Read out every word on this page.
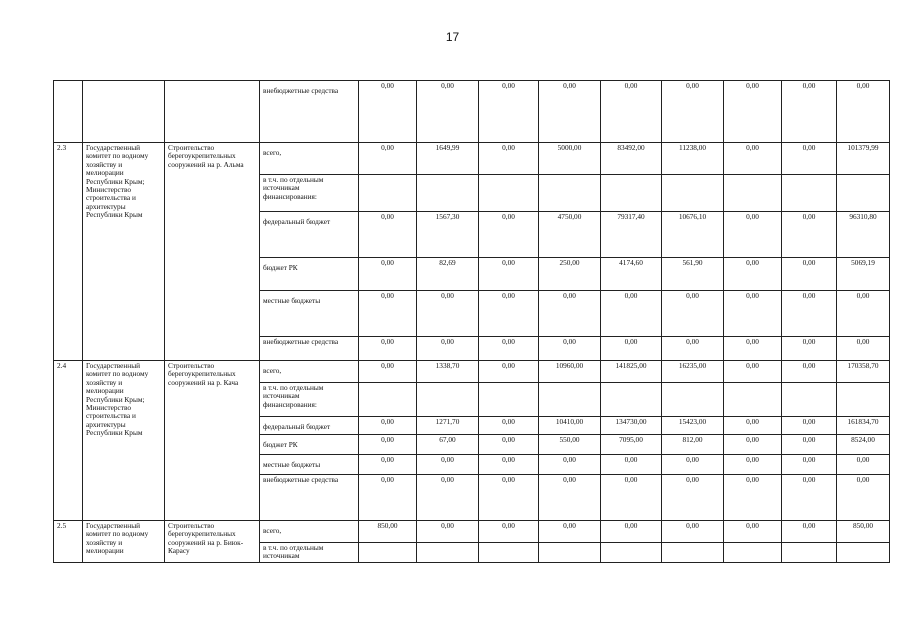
17
			внебюджетные средства	0,00	0,00	0,00	0,00	0,00	0,00	0,00	0,00	0,00
2.3	Государственный комитет по водному хозяйству и мелиорации Республики Крым; Министерство строительства и архитектуры Республики Крым	Строительство берегоукрепительных сооружений на р. Альма	всего,	0,00	1649,99	0,00	5000,00	83492,00	11238,00	0,00	0,00	101379,99
			в т.ч. по отдельным источникам финансирования:									
			федеральный бюджет	0,00	1567,30	0,00	4750,00	79317,40	10676,10	0,00	0,00	96310,80
			бюджет РК	0,00	82,69	0,00	250,00	4174,60	561,90	0,00	0,00	5069,19
			местные бюджеты	0,00	0,00	0,00	0,00	0,00	0,00	0,00	0,00	0,00
			внебюджетные средства	0,00	0,00	0,00	0,00	0,00	0,00	0,00	0,00	0,00
2.4	Государственный комитет по водному хозяйству и мелиорации Республики Крым; Министерство строительства и архитектуры Республики Крым	Строительство берегоукрепительных сооружений на р. Кача	всего,	0,00	1338,70	0,00	10960,00	141825,00	16235,00	0,00	0,00	170358,70
			в т.ч. по отдельным источникам финансирования:									
			федеральный бюджет	0,00	1271,70	0,00	10410,00	134730,00	15423,00	0,00	0,00	161834,70
			бюджет РК	0,00	67,00	0,00	550,00	7095,00	812,00	0,00	0,00	8524,00
			местные бюджеты	0,00	0,00	0,00	0,00	0,00	0,00	0,00	0,00	0,00
			внебюджетные средства	0,00	0,00	0,00	0,00	0,00	0,00	0,00	0,00	0,00
2.5	Государственный комитет по водному хозяйству и мелиорации	Строительство берегоукрепительных сооружений на р. Биюк-Карасу	всего,	850,00	0,00	0,00	0,00	0,00	0,00	0,00	0,00	850,00
			в т.ч. по отдельным источникам									
